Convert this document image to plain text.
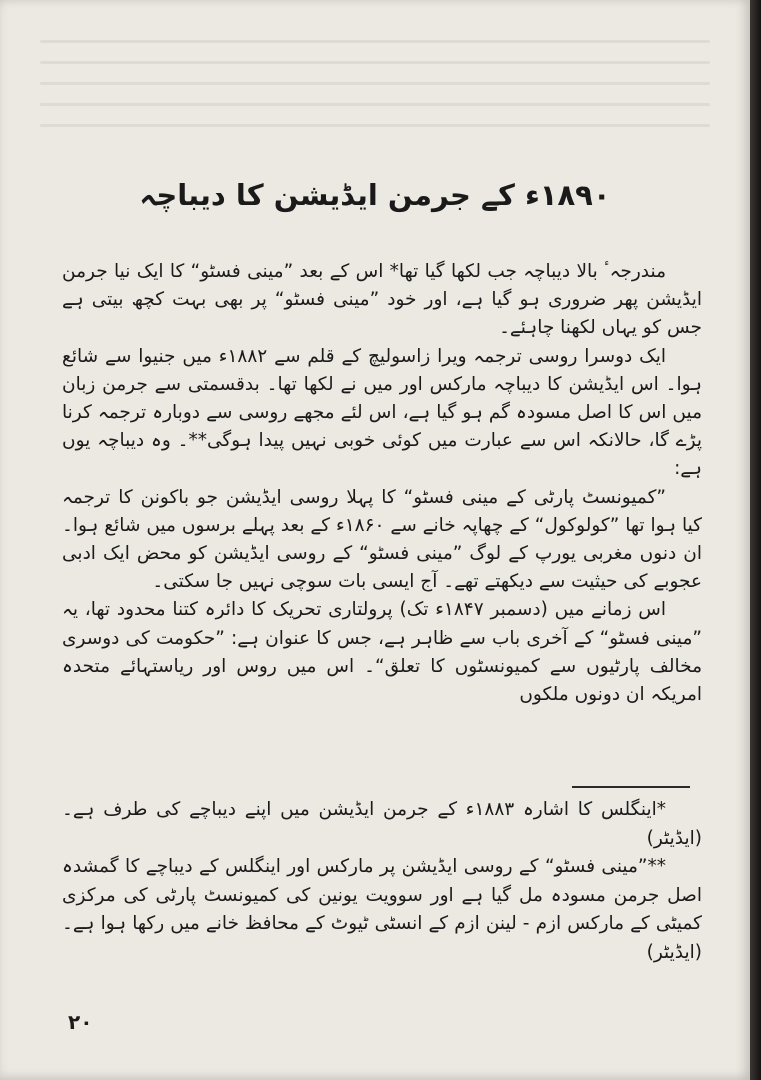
۱۸۹۰ء کے جرمن ایڈیشن کا دیباچہ

مندرجہٴ بالا دیباچہ جب لکھا گیا تھا* اس کے بعد ”مینی فسٹو“ کا ایک نیا جرمن ایڈیشن پھر ضروری ہو گیا ہے، اور خود ”مینی فسٹو“ پر بھی بہت کچھ بیتی ہے جس کو یہاں لکھنا چاہئے۔

ایک دوسرا روسی ترجمہ ویرا زاسولیچ کے قلم سے ۱۸۸۲ء میں جنیوا سے شائع ہوا۔ اس ایڈیشن کا دیباچہ مارکس اور میں نے لکھا تھا۔ بدقسمتی سے جرمن زبان میں اس کا اصل مسودہ گم ہو گیا ہے، اس لئے مجھے روسی سے دوبارہ ترجمہ کرنا پڑے گا، حالانکہ اس سے عبارت میں کوئی خوبی نہیں پیدا ہوگی**۔ وہ دیباچہ یوں ہے:

”کمیونسٹ پارٹی کے مینی فسٹو“ کا پہلا روسی ایڈیشن جو باکونن کا ترجمہ کیا ہوا تھا ”کولوکول“ کے چھاپہ خانے سے ۱۸۶۰ء کے بعد پہلے برسوں میں شائع ہوا۔ ان دنوں مغربی یورپ کے لوگ ”مینی فسٹو“ کے روسی ایڈیشن کو محض ایک ادبی عجوبے کی حیثیت سے دیکھتے تھے۔ آج ایسی بات سوچی نہیں جا سکتی۔

اس زمانے میں (دسمبر ۱۸۴۷ء تک) پرولتاری تحریک کا دائرہ کتنا محدود تھا، یہ ”مینی فسٹو“ کے آخری باب سے ظاہر ہے، جس کا عنوان ہے: ”حکومت کی دوسری مخالف پارٹیوں سے کمیونسٹوں کا تعلق“۔ اس میں روس اور ریاستہائے متحدہ امریکہ ان دونوں ملکوں

*اینگلس کا اشارہ ۱۸۸۳ء کے جرمن ایڈیشن میں اپنے دیباچے کی طرف ہے۔ (ایڈیٹر)

**”مینی فسٹو“ کے روسی ایڈیشن پر مارکس اور اینگلس کے دیباچے کا گمشدہ اصل جرمن مسودہ مل گیا ہے اور سوویت یونین کی کمیونسٹ پارٹی کی مرکزی کمیٹی کے مارکس ازم - لینن ازم کے انسٹی ٹیوٹ کے محافظ خانے میں رکھا ہوا ہے۔ (ایڈیٹر)

۲۰
